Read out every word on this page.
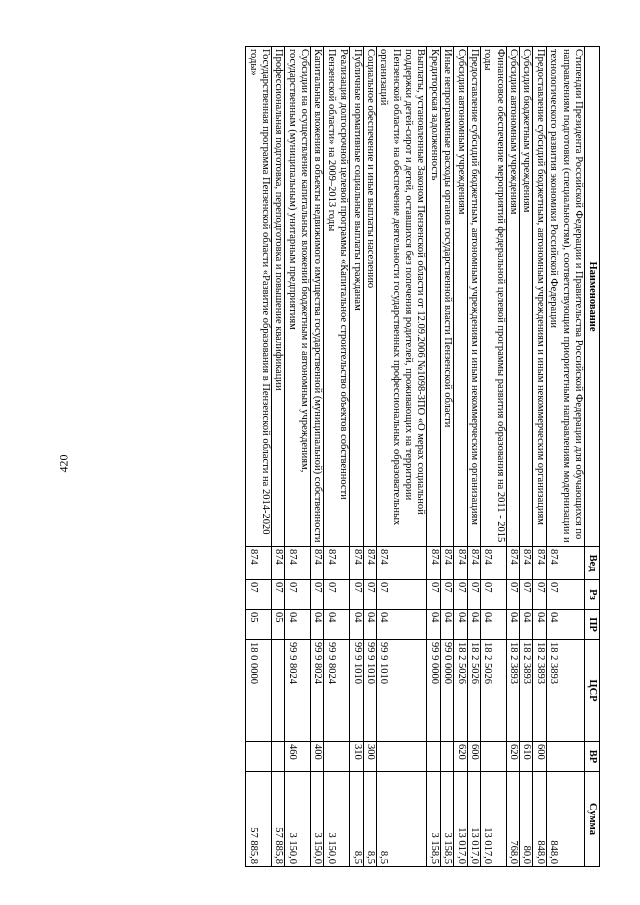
420
Наименование	Вед	Рз	ПР	ЦСР	ВР	Сумма
Стипендии Президента Российской Федерации и Правительства Российской Федерации для обучающихся по направлениям подготовки (специальностям), соответствующим приоритетным направлениям модернизации и технологического развития экономики Российской Федерации	874	07	04	18 2 3893		848,0
Предоставление субсидий бюджетным, автономным учреждениям и иным некоммерческим организациям	874	07	04	18 2 3893	600	848,0
Субсидии бюджетным учреждениям	874	07	04	18 2 3893	610	80,0
Субсидии автономным учреждениям	874	07	04	18 2 3893	620	768,0
Финансовое обеспечение мероприятий федеральной целевой программы развития образования на 2011 - 2015 годы	874	07	04	18 2 5026		13 017,0
Предоставление субсидий бюджетным, автономным учреждениям и иным некоммерческим организациям	874	07	04	18 2 5026	600	13 017,0
Субсидии автономным учреждениям	874	07	04	18 2 5026	620	13 017,0
Иные непрограммные расходы органов государственной власти Пензенской области	874	07	04	99 0 0000		3 158,5
Кредиторская задолженность	874	07	04	99 9 0000		3 158,5
Выплаты, установленные Законом Пензенской области от 12.09.2006 №1098-ЗПО «О мерах социальной поддержки детей-сирот и детей, оставшихся без попечения родителей, проживающих на территории Пензенской области» на обеспечение деятельности государственных профессиональных образовательных организаций	874	07	04	99 9 1010		8,5
Социальное обеспечение и иные выплаты населению	874	07	04	99 9 1010	300	8,5
Публичные нормативные социальные выплаты гражданам	874	07	04	99 9 1010	310	8,5
Реализация долгосрочной целевой программы «Капитальное строительство объектов собственности Пензенской области» на 2009–2013 годы	874	07	04	99 9 8024		3 150,0
Капитальные вложения в объекты недвижимого имущества государственной (муниципальной) собственности	874	07	04	99 9 8024	400	3 150,0
Субсидии на осуществление капитальных вложений бюджетным и автономным учреждениям, государственным (муниципальным) унитарным предприятиям	874	07	04	99 9 8024	460	3 150,0
Профессиональная подготовка, переподготовка и повышение квалификации	874	07	05			57 885,8
Государственная программа Пензенской области «Развитие образования в Пензенской области на 2014-2020 годы»	874	07	05	18 0 0000		57 885,8
